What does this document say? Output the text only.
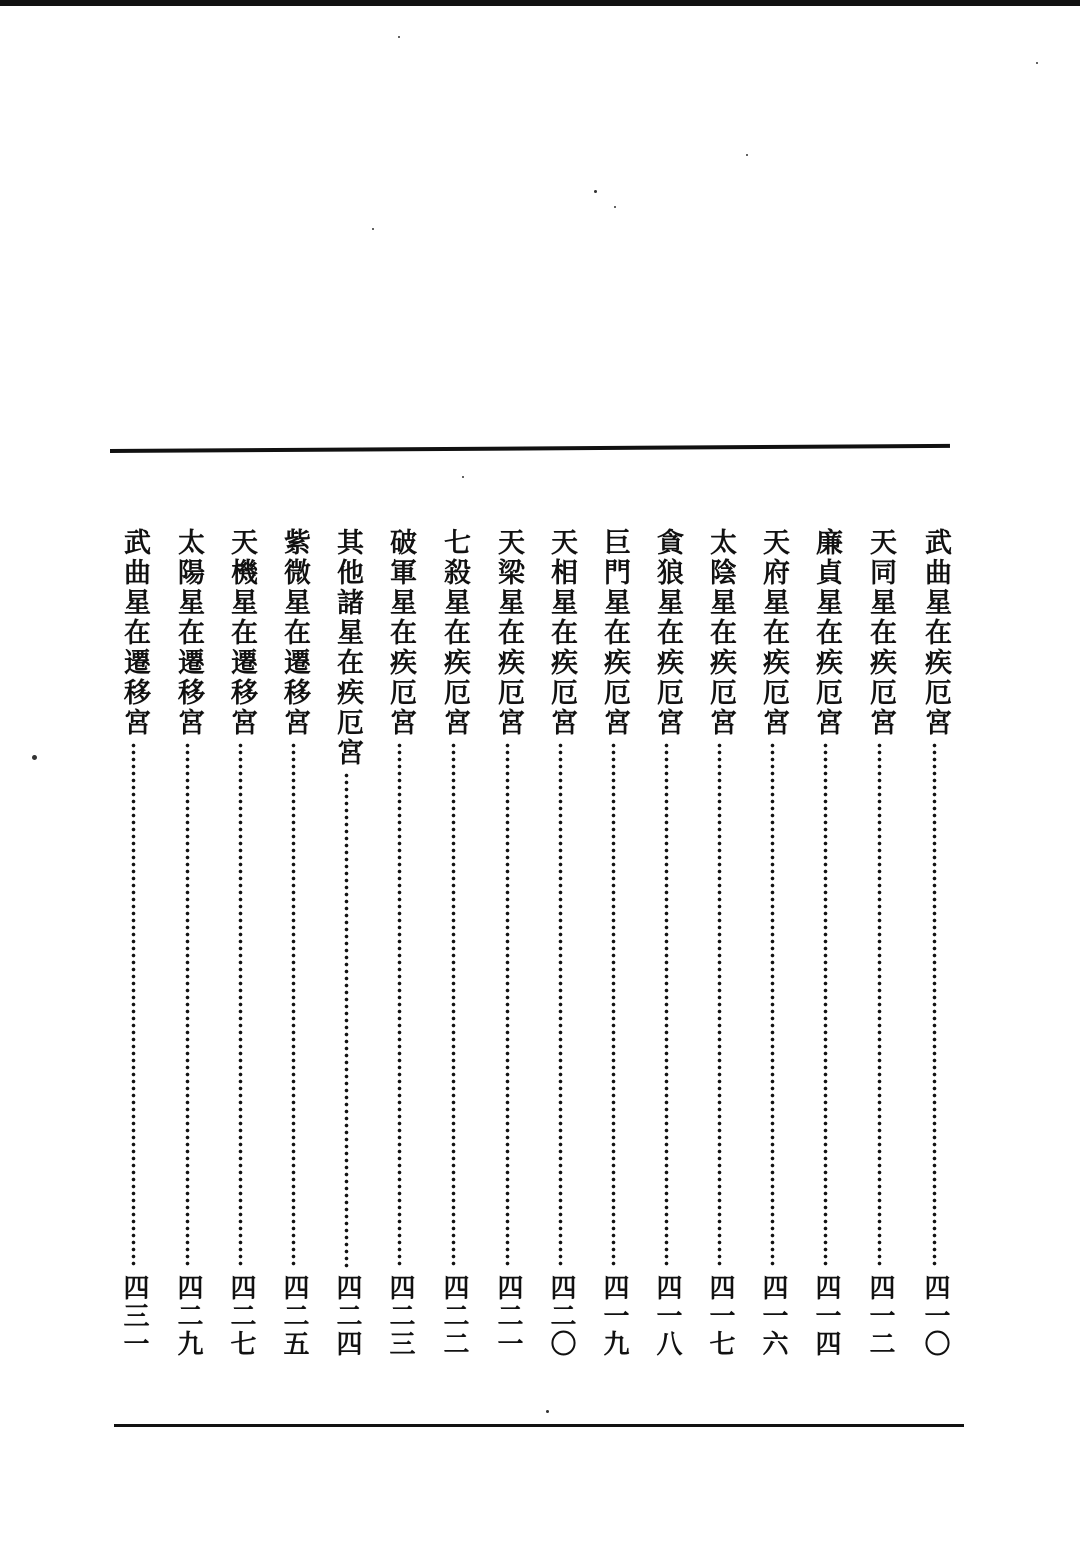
武曲星在疾厄宮
四一〇
天同星在疾厄宮
四一二
廉貞星在疾厄宮
四一四
天府星在疾厄宮
四一六
太陰星在疾厄宮
四一七
貪狼星在疾厄宮
四一八
巨門星在疾厄宮
四一九
天相星在疾厄宮
四二〇
天梁星在疾厄宮
四二一
七殺星在疾厄宮
四二二
破軍星在疾厄宮
四二三
其他諸星在疾厄宮
四二四
紫微星在遷移宮
四二五
天機星在遷移宮
四二七
太陽星在遷移宮
四二九
武曲星在遷移宮
四三一
